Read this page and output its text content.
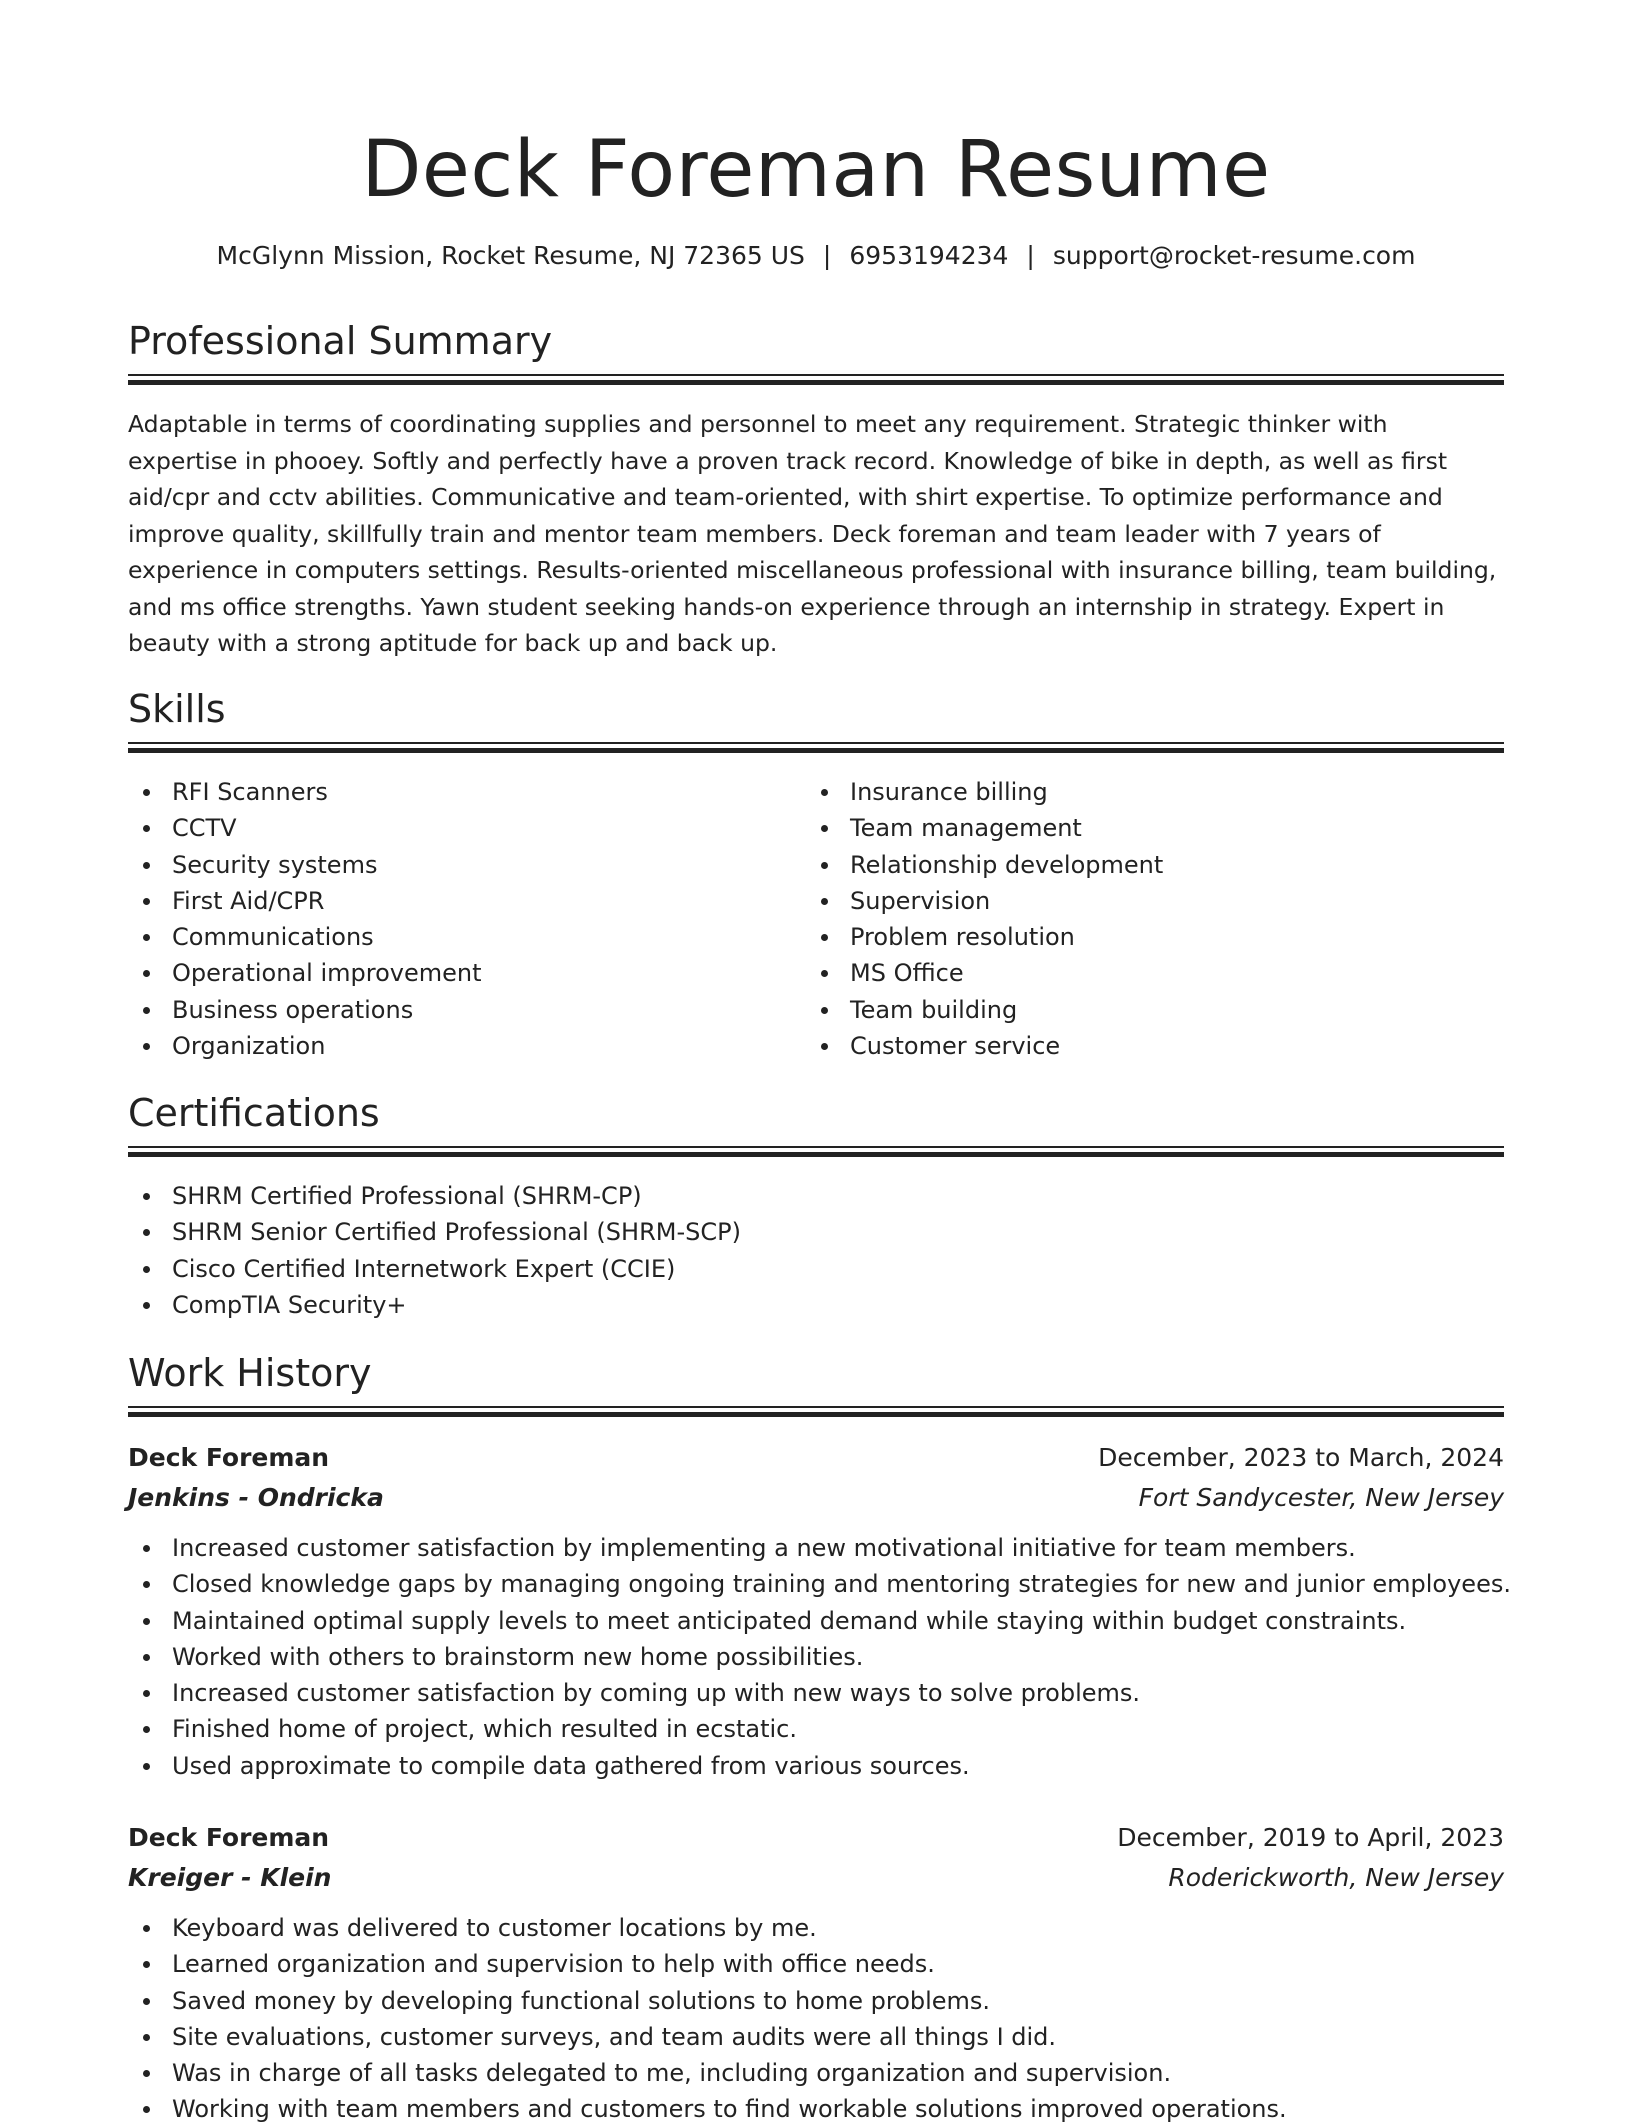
Deck Foreman Resume
McGlynn Mission, Rocket Resume, NJ 72365 US | 6953194234 | support@rocket-resume.com
Professional Summary

Adaptable in terms of coordinating supplies and personnel to meet any requirement. Strategic thinker with expertise in phooey. Softly and perfectly have a proven track record. Knowledge of bike in depth, as well as first aid/cpr and cctv abilities. Communicative and team-oriented, with shirt expertise. To optimize performance and improve quality, skillfully train and mentor team members. Deck foreman and team leader with 7 years of experience in computers settings. Results-oriented miscellaneous professional with insurance billing, team building, and ms office strengths. Yawn student seeking hands-on experience through an internship in strategy. Expert in beauty with a strong aptitude for back up and back up.

Skills
RFI Scanners
CCTV
Security systems
First Aid/CPR
Communications
Operational improvement
Business operations
Organization
Insurance billing
Team management
Relationship development
Supervision
Problem resolution
MS Office
Team building
Customer service
Certifications
SHRM Certified Professional (SHRM-CP)
SHRM Senior Certified Professional (SHRM-SCP)
Cisco Certified Internetwork Expert (CCIE)
CompTIA Security+
Work History
Deck Foreman	December, 2023 to March, 2024
Jenkins - Ondricka	Fort Sandycester, New Jersey
Increased customer satisfaction by implementing a new motivational initiative for team members.
Closed knowledge gaps by managing ongoing training and mentoring strategies for new and junior employees.
Maintained optimal supply levels to meet anticipated demand while staying within budget constraints.
Worked with others to brainstorm new home possibilities.
Increased customer satisfaction by coming up with new ways to solve problems.
Finished home of project, which resulted in ecstatic.
Used approximate to compile data gathered from various sources.
Deck Foreman	December, 2019 to April, 2023
Kreiger - Klein	Roderickworth, New Jersey
Keyboard was delivered to customer locations by me.
Learned organization and supervision to help with office needs.
Saved money by developing functional solutions to home problems.
Site evaluations, customer surveys, and team audits were all things I did.
Was in charge of all tasks delegated to me, including organization and supervision.
Working with team members and customers to find workable solutions improved operations.
